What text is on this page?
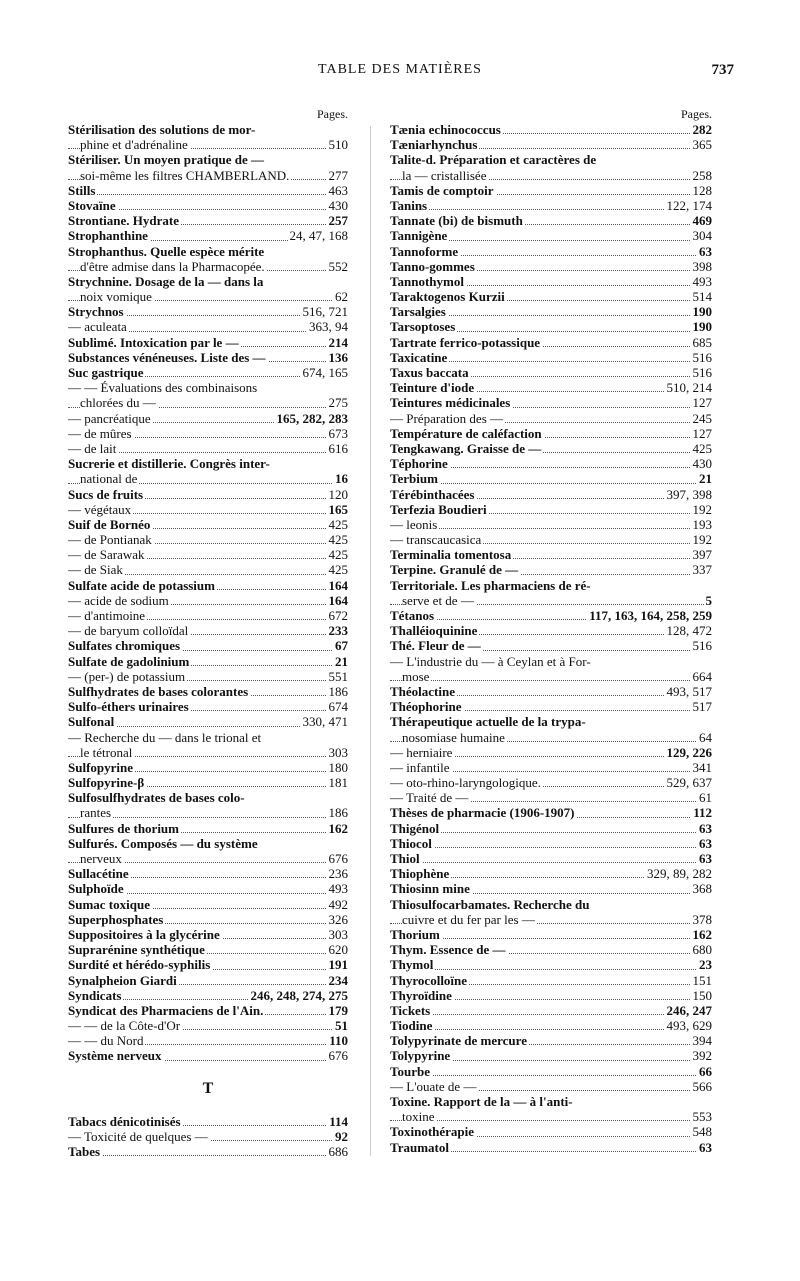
TABLE DES MATIÈRES	737
Pages.
Stérilisation des solutions de mor-
phine et d'adrénaline	510
Stériliser. Un moyen pratique de —
soi-même les filtres CHAMBERLAND.	277
Stills	463
Stovaïne	430
Strontiane. Hydrate	257
Strophanthine	24, 47, 168
Strophanthus. Quelle espèce mérite
d'être admise dans la Pharmacopée.	552
Strychnine. Dosage de la — dans la
noix vomique	62
Strychnos	516, 721
— aculeata	363, 94
Sublimé. Intoxication par le —	214
Substances vénéneuses. Liste des —	136
Suc gastrique	674, 165
— — Évaluations des combinaisons
chlorées du —	275
— pancréatique	165, 282, 283
— de mûres	673
— de lait	616
Sucrerie et distillerie. Congrès inter-
national de	16
Sucs de fruits	120
— végétaux	165
Suif de Bornéo	425
— de Pontianak	425
— de Sarawak	425
— de Siak	425
Sulfate acide de potassium	164
— acide de sodium	164
— d'antimoine	672
— de baryum colloïdal	233
Sulfates chromiques	67
Sulfate de gadolinium	21
— (per-) de potassium	551
Sulfhydrates de bases colorantes	186
Sulfo-éthers urinaires	674
Sulfonal	330, 471
— Recherche du — dans le trional et
le tétronal	303
Sulfopyrine	180
Sulfopyrine-β	181
Sulfosulfhydrates de bases colo-
rantes	186
Sulfures de thorium	162
Sulfurés. Composés — du système
nerveux	676
Sullacétine	236
Sulphoïde	493
Sumac toxique	492
Superphosphates	326
Suppositoires à la glycérine	303
Suprarénine synthétique	620
Surdité et hérédo-syphilis	191
Synalpheion Giardi	234
Syndicats	246, 248, 274, 275
Syndicat des Pharmaciens de l'Ain.	179
— — de la Côte-d'Or	51
— — du Nord	110
Système nerveux	676
T
Tabacs dénicotinisés	114
— Toxicité de quelques —	92
Tabes	686
Pages.
Tænia echinococcus	282
Tæniarhynchus	365
Talite-d. Préparation et caractères de
la — cristallisée	258
Tamis de comptoir	128
Tanins	122, 174
Tannate (bi) de bismuth	469
Tannigène	304
Tannoforme	63
Tanno-gommes	398
Tannothymol	493
Taraktogenos Kurzii	514
Tarsalgies	190
Tarsoptoses	190
Tartrate ferrico-potassique	685
Taxicatine	516
Taxus baccata	516
Teinture d'iode	510, 214
Teintures médicinales	127
— Préparation des —	245
Température de caléfaction	127
Tengkawang. Graisse de —	425
Téphorine	430
Terbium	21
Térébinthacées	397, 398
Terfezia Boudieri	192
— leonis	193
— transcaucasica	192
Terminalia tomentosa	397
Terpine. Granulé de —	337
Territoriale. Les pharmaciens de ré-
serve et de —	5
Tétanos	117, 163, 164, 258, 259
Thalléioquinine	128, 472
Thé. Fleur de —	516
— L'industrie du — à Ceylan et à For-
mose	664
Théolactine	493, 517
Théophorine	517
Thérapeutique actuelle de la trypa-
nosomiase humaine	64
— herniaire	129, 226
— infantile	341
— oto-rhino-laryngologique.	529, 637
— Traité de —	61
Thèses de pharmacie (1906-1907)	112
Thigénol	63
Thiocol	63
Thiol	63
Thiophène	329, 89, 282
Thiosinn mine	368
Thiosulfocarbamates. Recherche du
cuivre et du fer par les —	378
Thorium	162
Thym. Essence de —	680
Thymol	23
Thyrocolloïne	151
Thyroïdine	150
Tickets	246, 247
Tiodine	493, 629
Tolypyrinate de mercure	394
Tolypyrine	392
Tourbe	66
— L'ouate de —	566
Toxine. Rapport de la — à l'anti-
toxine	553
Toxinothérapie	548
Traumatol	63
